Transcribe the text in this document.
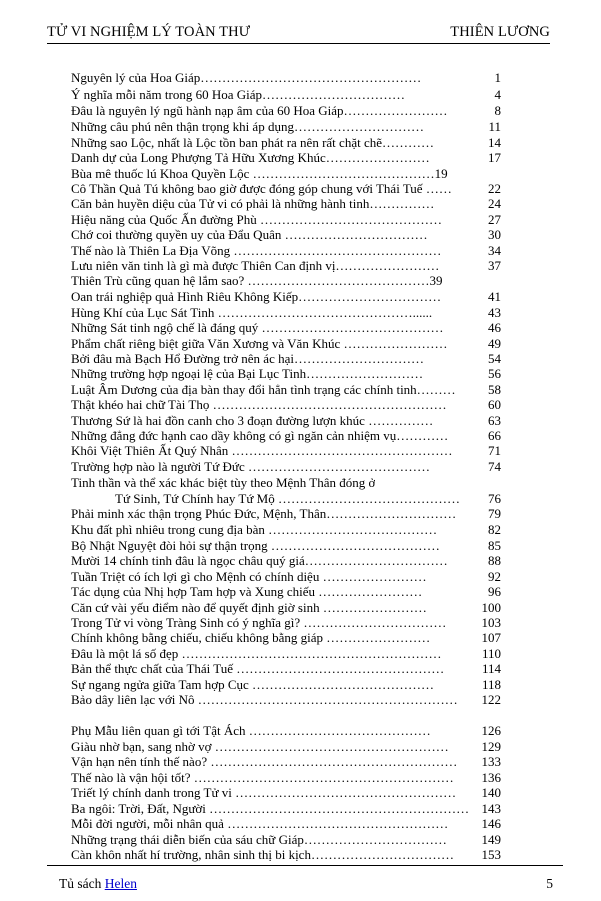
TỬ VI NGHIỆM LÝ TOÀN THƯ	THIÊN LƯƠNG
Nguyên lý của Hoa Giáp……………………………………………	1
Ý nghĩa mỗi năm trong 60 Hoa Giáp……………………………	4
Đâu là nguyên lý ngũ hành nạp âm của 60 Hoa Giáp……………………	8
Những câu phú nên thận trọng khi áp dụng…………………………	11
Những sao Lộc, nhất là Lộc tồn ban phát ra nên rất chặt chẽ…………	14
Danh dự của Long Phượng Tả Hữu Xương Khúc……………………	17
Bùa mê thuốc lú Khoa Quyền Lộc ……………………………………19
Cô Thần Quả Tú không bao giờ được đóng góp chung với Thái Tuế ……	22
Căn bản huyền diệu của Tử vi có phải là những hành tinh……………	24
Hiệu năng của Quốc Ấn đường Phù ……………………………………	27
Chớ coi thường quyền uy của Đẩu Quân ……………………………	30
Thế nào là Thiên La Địa Võng …………………………………………	34
Lưu niên văn tinh là gì mà được Thiên Can định vị……………………	37
Thiên Trù cũng quan hệ lắm sao? ……………………………………39
Oan trái nghiệp quả Hình Riêu Không Kiếp……………………………	41
Hùng Khí của Lục Sát Tinh ………………………………………......	43
Những Sát tinh ngộ chế là đáng quý ……………………………………	46
Phẩm chất riêng biệt giữa Văn Xương và Văn Khúc ……………………	49
Bởi đâu mà Bạch Hổ Đường trở nên ác hại…………………………	54
Những trường hợp ngoại lệ của Bại Lục Tinh………………………	56
Luật Âm Dương của địa bàn thay đổi hẳn tình trạng các chính tinh……… 58
Thật khéo hai chữ Tài Thọ ………………………………………………	60
Thương Sứ là hai đồn canh cho 3 đoạn đường lượn khúc ……………	63
Những đẳng đức hạnh cao dầy không có gì ngăn cản nhiệm vụ…………	66
Khôi Việt Thiên Ất Quý Nhân ……………………………………………	71
Trường hợp nào là người Tứ Đức ……………………………………	74
Tinh thần và thể xác khác biệt tùy theo Mệnh Thân đóng ở
Tứ Sinh, Tứ Chính hay Tứ Mộ …………………………………… 76
Phải minh xác thận trọng Phúc Đức, Mệnh, Thân………………………… 79
Khu đất phì nhiêu trong cung địa bàn …………………………………	82
Bộ Nhật Nguyệt đòi hỏi sự thận trọng …………………………………	85
Mười 14 chính tinh đâu là ngọc châu quý giá……………………………	88
Tuần Triệt có ích lợi gì cho Mệnh có chính diệu ……………………	92
Tác dụng của Nhị hợp Tam hợp và Xung chiếu ……………………	96
Căn cứ vài yếu điểm nào để quyết định giờ sinh ……………………	100
Trong Tử vi vòng Tràng Sinh có ý nghĩa gì? ……………………………	103
Chính không bằng chiếu, chiếu không bằng giáp ……………………	107
Đâu là một lá số đẹp ……………………………………………………	110
Bản thể thực chất của Thái Tuế …………………………………………	114
Sự ngang ngửa giữa Tam hợp Cục ……………………………………	118
Bảo dây liên lạc với Nô …………………………………………………… 122
Phụ Mẫu liên quan gì tới Tật Ách ……………………………………	126
Giàu nhờ bạn, sang nhờ vợ ………………………………………………	129
Vận hạn nên tính thế nào? ………………………………………………… 133
Thế nào là vận hội tốt? …………………………………………………… 136
Triết lý chính danh trong Tử vi …………………………………………… 140
Ba ngôi: Trời, Đất, Người …………………………………………………… 143
Mỗi đời người, mỗi nhân quả ……………………………………………	146
Những trạng thái diễn biến của sáu chữ Giáp……………………………	149
Càn khôn nhất hí trường, nhân sinh thị bi kịch…………………………… 153
Tủ sách Helen	5
